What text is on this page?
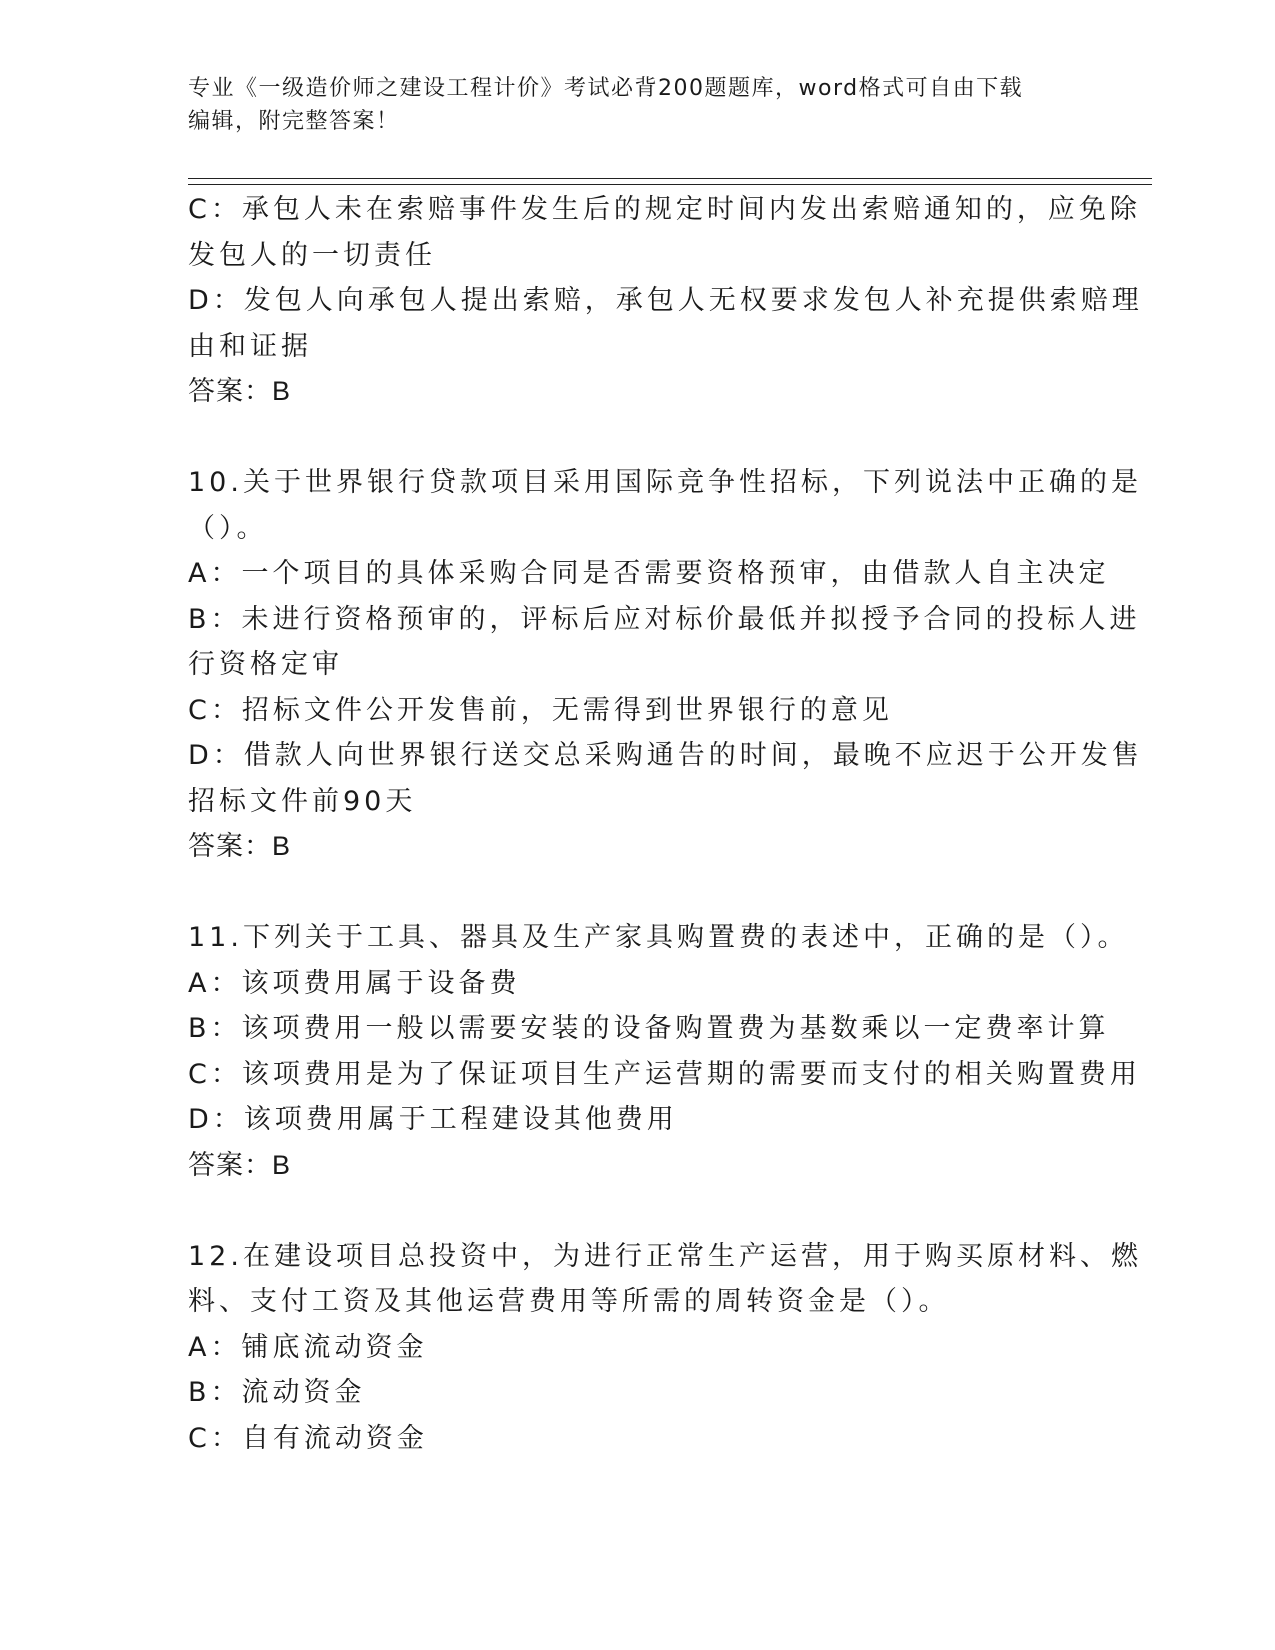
专业《一级造价师之建设工程计价》考试必背200题题库，word格式可自由下载
编辑，附完整答案！
C：承包人未在索赔事件发生后的规定时间内发出索赔通知的，应免除
发包人的一切责任
D：发包人向承包人提出索赔，承包人无权要求发包人补充提供索赔理
由和证据
答案：B
10.关于世界银行贷款项目采用国际竞争性招标，下列说法中正确的是
（）。
A：一个项目的具体采购合同是否需要资格预审，由借款人自主决定
B：未进行资格预审的，评标后应对标价最低并拟授予合同的投标人进
行资格定审
C：招标文件公开发售前，无需得到世界银行的意见
D：借款人向世界银行送交总采购通告的时间，最晚不应迟于公开发售
招标文件前90天
答案：B
11.下列关于工具、器具及生产家具购置费的表述中，正确的是（）。
A：该项费用属于设备费
B：该项费用一般以需要安装的设备购置费为基数乘以一定费率计算
C：该项费用是为了保证项目生产运营期的需要而支付的相关购置费用
D：该项费用属于工程建设其他费用
答案：B
12.在建设项目总投资中，为进行正常生产运营，用于购买原材料、燃
料、支付工资及其他运营费用等所需的周转资金是（）。
A：铺底流动资金
B：流动资金
C：自有流动资金
